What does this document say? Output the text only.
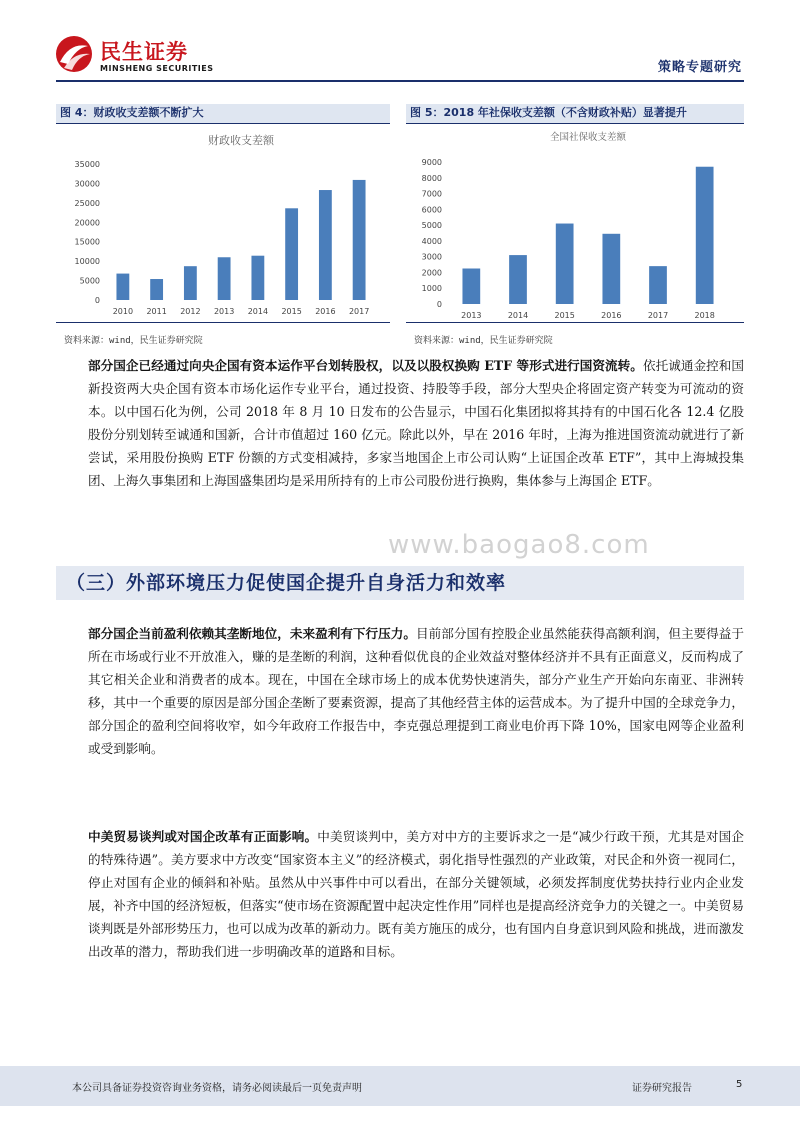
民生证券
MINSHENG SECURITIES	策略专题研究
图 4：财政收支差额不断扩大	图 5：2018 年社保收支差额（不含财政补贴）显著提升
财政收支差额
0
5000
10000
15000
20000
25000
30000
35000
2010 2011 2012 2013 2014 2015 2016 2017
全国社保收支差额
0
1000
2000
3000
4000
5000
6000
7000
8000
9000
2013	2014	2015	2016	2017	2018
资料来源：wind，民生证券研究院	资料来源：wind，民生证券研究院
部分国企已经通过向央企国有资本运作平台划转股权，以及以股权换购 ETF 等形式进行国资流转。依托诚通金控和国新投资两大央企国有资本市场化运作专业平台，通过投资、持股等手段，部分大型央企将固定资产转变为可流动的资本。以中国石化为例，公司 2018 年 8 月 10 日发布的公告显示，中国石化集团拟将其持有的中国石化各 12.4 亿股股份分别划转至诚通和国新，合计市值超过 160 亿元。除此以外，早在 2016 年时，上海为推进国资流动就进行了新尝试，采用股份换购 ETF 份额的方式变相减持，多家当地国企上市公司认购“上证国企改革 ETF”，其中上海城投集团、上海久事集团和上海国盛集团均是采用所持有的上市公司股份进行换购，集体参与上海国企 ETF。
www.baogao8.com
（三）外部环境压力促使国企提升自身活力和效率
部分国企当前盈利依赖其垄断地位，未来盈利有下行压力。目前部分国有控股企业虽然能获得高额利润，但主要得益于所在市场或行业不开放准入，赚的是垄断的利润，这种看似优良的企业效益对整体经济并不具有正面意义，反而构成了其它相关企业和消费者的成本。现在，中国在全球市场上的成本优势快速消失，部分产业生产开始向东南亚、非洲转移，其中一个重要的原因是部分国企垄断了要素资源，提高了其他经营主体的运营成本。为了提升中国的全球竞争力，部分国企的盈利空间将收窄，如今年政府工作报告中，李克强总理提到工商业电价再下降 10%，国家电网等企业盈利或受到影响。
中美贸易谈判或对国企改革有正面影响。中美贸谈判中，美方对中方的主要诉求之一是“减少行政干预，尤其是对国企的特殊待遇”。美方要求中方改变“国家资本主义”的经济模式，弱化指导性强烈的产业政策，对民企和外资一视同仁，停止对国有企业的倾斜和补贴。虽然从中兴事件中可以看出，在部分关键领域，必须发挥制度优势扶持行业内企业发展，补齐中国的经济短板，但落实“使市场在资源配置中起决定性作用”同样也是提高经济竞争力的关键之一。中美贸易谈判既是外部形势压力，也可以成为改革的新动力。既有美方施压的成分，也有国内自身意识到风险和挑战，进而激发出改革的潜力，帮助我们进一步明确改革的道路和目标。
本公司具备证券投资咨询业务资格，请务必阅读最后一页免责声明	证券研究报告	5
